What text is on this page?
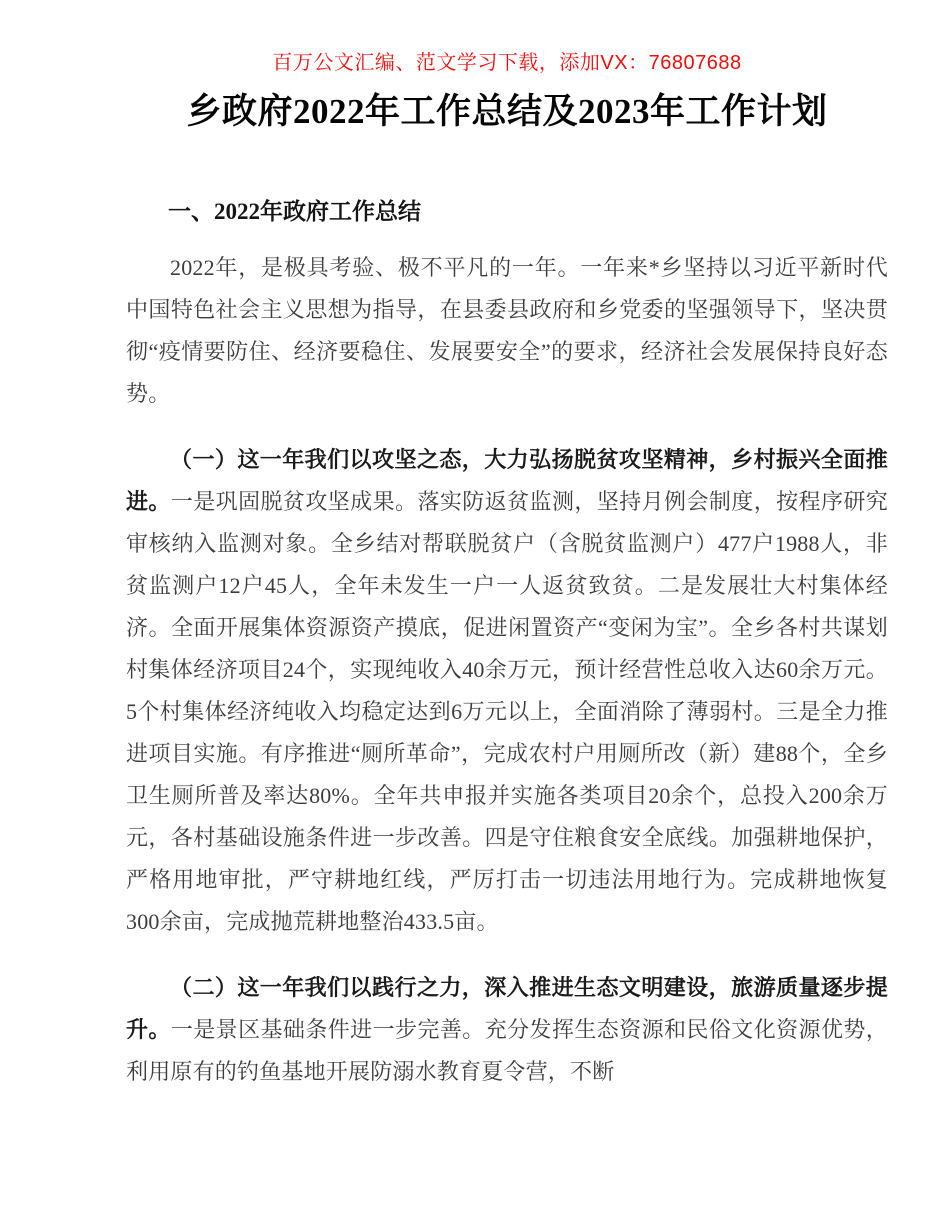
百万公文汇编、范文学习下载，添加VX：76807688
乡政府2022年工作总结及2023年工作计划
一、2022年政府工作总结

2022年，是极具考验、极不平凡的一年。一年来*乡坚持以习近平新时代中国特色社会主义思想为指导，在县委县政府和乡党委的坚强领导下，坚决贯彻“疫情要防住、经济要稳住、发展要安全”的要求，经济社会发展保持良好态势。

（一）这一年我们以攻坚之态，大力弘扬脱贫攻坚精神，乡村振兴全面推进。一是巩固脱贫攻坚成果。落实防返贫监测，坚持月例会制度，按程序研究审核纳入监测对象。全乡结对帮联脱贫户（含脱贫监测户）477户1988人，非贫监测户12户45人，全年未发生一户一人返贫致贫。二是发展壮大村集体经济。全面开展集体资源资产摸底，促进闲置资产“变闲为宝”。全乡各村共谋划村集体经济项目24个，实现纯收入40余万元，预计经营性总收入达60余万元。5个村集体经济纯收入均稳定达到6万元以上，全面消除了薄弱村。三是全力推进项目实施。有序推进“厕所革命”，完成农村户用厕所改（新）建88个，全乡卫生厕所普及率达80%。全年共申报并实施各类项目20余个，总投入200余万元，各村基础设施条件进一步改善。四是守住粮食安全底线。加强耕地保护，严格用地审批，严守耕地红线，严厉打击一切违法用地行为。完成耕地恢复300余亩，完成抛荒耕地整治433.5亩。

（二）这一年我们以践行之力，深入推进生态文明建设，旅游质量逐步提升。一是景区基础条件进一步完善。充分发挥生态资源和民俗文化资源优势，利用原有的钓鱼基地开展防溺水教育夏令营，不断
